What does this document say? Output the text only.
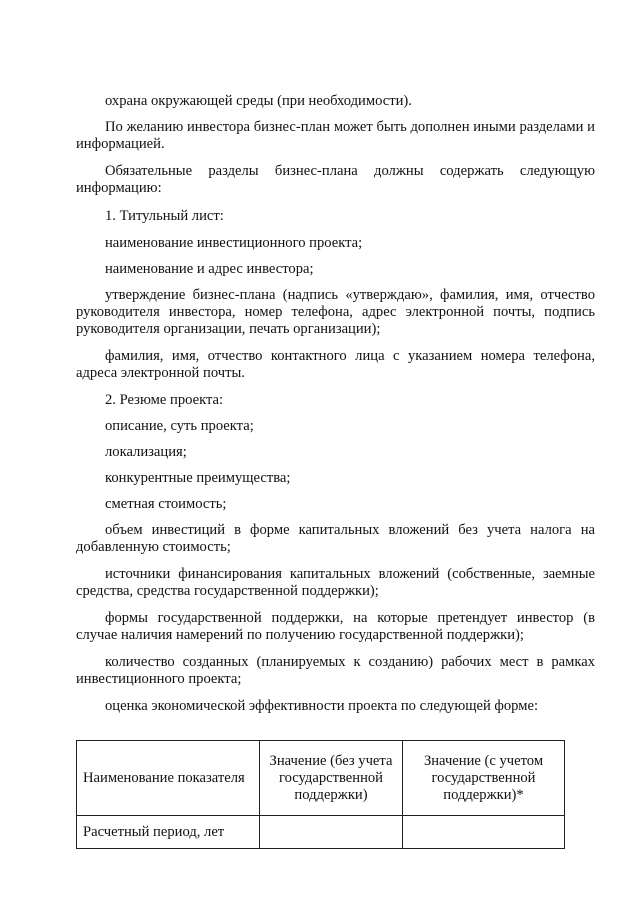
охрана окружающей среды (при необходимости).

По желанию инвестора бизнес-план может быть дополнен иными разделами и информацией.

Обязательные разделы бизнес-плана должны содержать следующую информацию:

1. Титульный лист:

наименование инвестиционного проекта;

наименование и адрес инвестора;

утверждение бизнес-плана (надпись «утверждаю», фамилия, имя, отчество руководителя инвестора, номер телефона, адрес электронной почты, подпись руководителя организации, печать организации);

фамилия, имя, отчество контактного лица с указанием номера телефона, адреса электронной почты.

2. Резюме проекта:

описание, суть проекта;

локализация;

конкурентные преимущества;

сметная стоимость;

объем инвестиций в форме капитальных вложений без учета налога на добавленную стоимость;

источники финансирования капитальных вложений (собственные, заемные средства, средства государственной поддержки);

формы государственной поддержки, на которые претендует инвестор (в случае наличия намерений по получению государственной поддержки);

количество созданных (планируемых к созданию) рабочих мест в рамках инвестиционного проекта;

оценка экономической эффективности проекта по следующей форме:

Наименование показателя	Значение (без учета государственной поддержки)	Значение (с учетом государственной поддержки)*
Расчетный период, лет		
